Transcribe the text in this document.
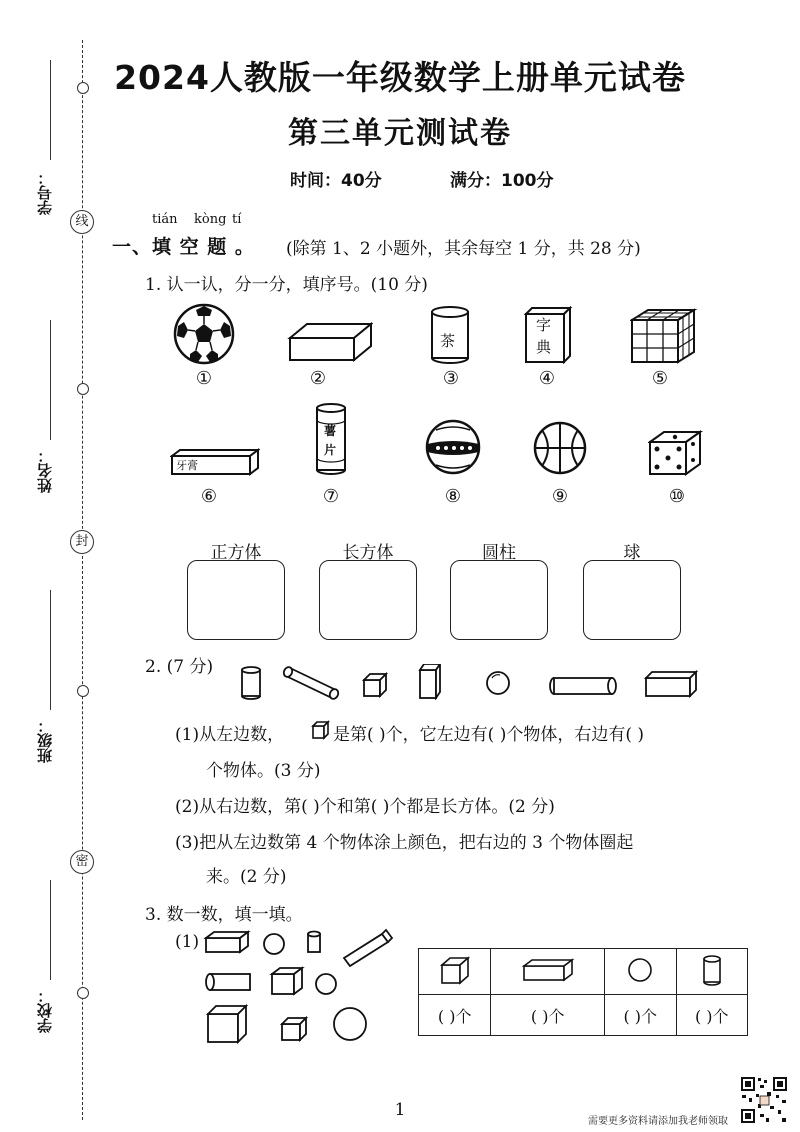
线
封
密
学号：
姓名：
班级：
学校：
2024人教版一年级数学上册单元试卷
第三单元测试卷
时间：40分	满分：100分
tián kòng tí
一、填 空 题 。 (除第 1、2 小题外，其余每空 1 分，共 28 分)
1. 认一认，分一分，填序号。(10 分)
茶
字
典
①	②	③	④	⑤
牙膏
薯
片
⑥	⑦	⑧	⑨	⑩
正方体	长方体	圆柱	球
2. (7 分)
(1)从左边数，	是第( )个，它左边有( )个物体，右边有( )
个物体。(3 分)
(2)从右边数，第( )个和第( )个都是长方体。(2 分)
(3)把从左边数第 4 个物体涂上颜色，把右边的 3 个物体圈起
来。(2 分)
3. 数一数，填一填。
(1)

( )个	( )个	( )个	( )个
1
需要更多资料请添加我老师领取
